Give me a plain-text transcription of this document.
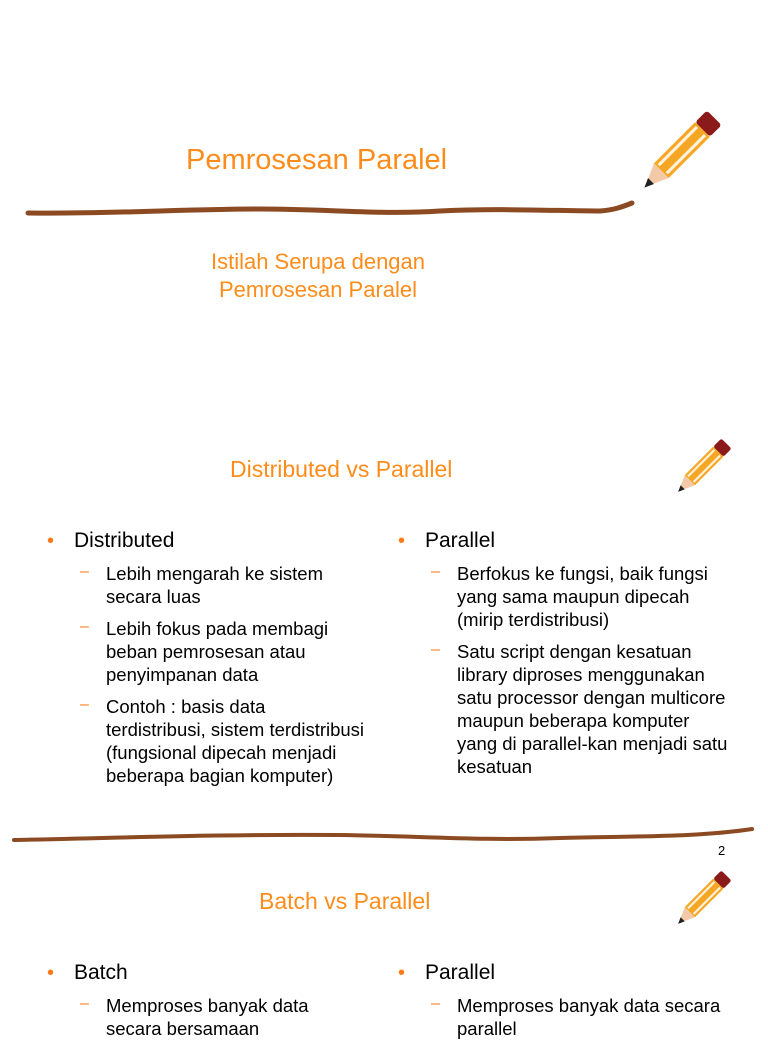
Pemrosesan Paralel
Istilah Serupa dengan
Pemrosesan Paralel
Distributed vs Parallel
• Distributed
– Lebih mengarah ke sistem secara luas
– Lebih fokus pada membagi beban pemrosesan atau penyimpanan data
– Contoh : basis data terdistribusi, sistem terdistribusi (fungsional dipecah menjadi beberapa bagian komputer)
• Parallel
– Berfokus ke fungsi, baik fungsi yang sama maupun dipecah (mirip terdistribusi)
– Satu script dengan kesatuan library diproses menggunakan satu processor dengan multicore maupun beberapa komputer yang di parallel-kan menjadi satu kesatuan
2
Batch vs Parallel
• Batch
– Memproses banyak data secara bersamaan
• Parallel
– Memproses banyak data secara parallel
